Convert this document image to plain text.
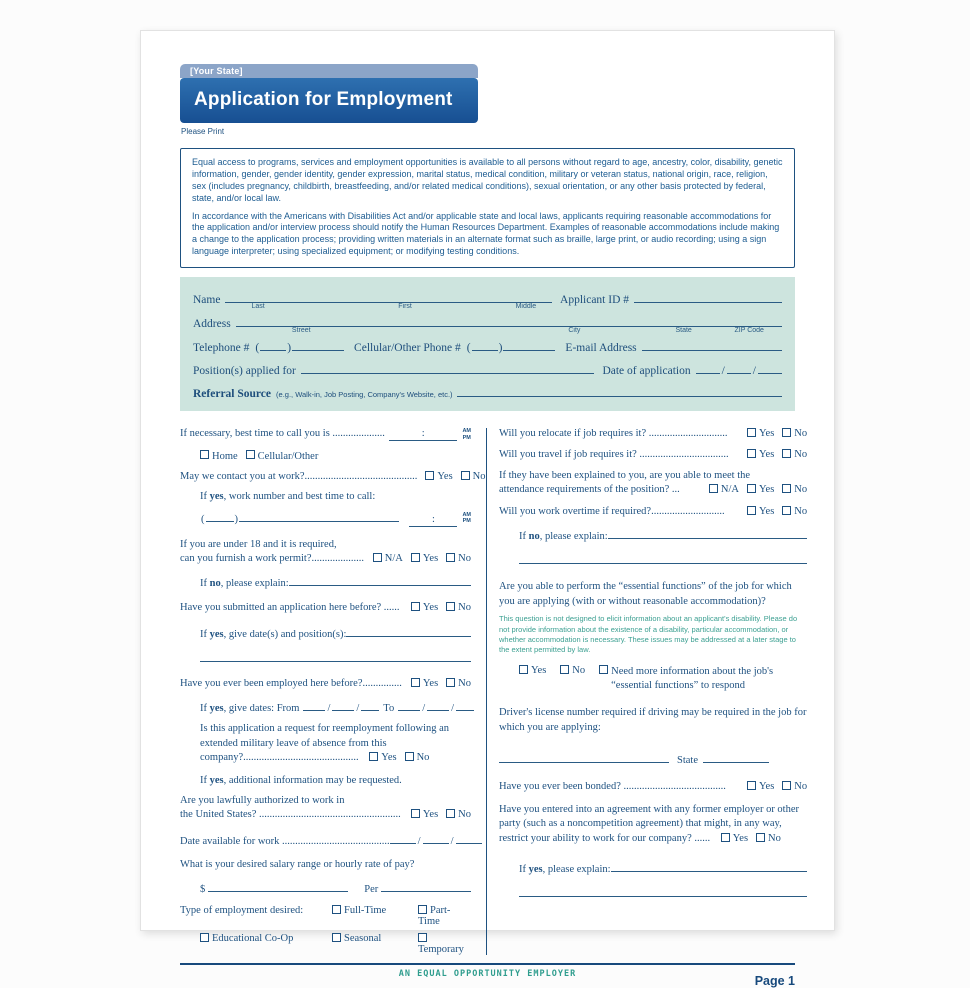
[Your State]
Application for Employment
Please Print

Equal access to programs, services and employment opportunities is available to all persons without regard to age, ancestry, color, disability, genetic information, gender, gender identity, gender expression, marital status, medical condition, military or veteran status, national origin, race, religion, sex (includes pregnancy, childbirth, breastfeeding, and/or related medical conditions), sexual orientation, or any other basis protected by federal, state, and/or local law.

In accordance with the Americans with Disabilities Act and/or applicable state and local laws, applicants requiring reasonable accommodations for the application and/or interview process should notify the Human Resources Department. Examples of reasonable accommodations include making a change to the application process; providing written materials in an alternate format such as braille, large print, or audio recording; using a sign language interpreter; using specialized equipment; or modifying testing conditions.

Name
Last	First	Middle
Applicant ID #
Address
Street	City	State	ZIP Code
Telephone # ( )	Cellular/Other Phone # ( )	E-mail Address
Position(s) applied for	Date of application	/ /
Referral Source (e.g., Walk-in, Job Posting, Company's Website, etc.)
If necessary, best time to call you is ....................	:	AM
PM
Home Cellular/Other
May we contact you at work?...........................................	Yes No
If yes, work number and best time to call:
(	)	:	AM
PM
If you are under 18 and it is required,
can you furnish a work permit?....................	N/A Yes No
If no, please explain:
Have you submitted an application here before? ......	Yes No
If yes, give date(s) and position(s):
Have you ever been employed here before?...............	Yes No
If yes, give dates: From	/ /	To	/ /
Is this application a request for reemployment following an extended military leave of absence from this company?............................................ Yes No
If yes, additional information may be requested.
Are you lawfully authorized to work in
the United States? ......................................................	Yes No
Date available for work .........................................	/	/
What is your desired salary range or hourly rate of pay?
$	Per
Type of employment desired:	Full-Time	Part-Time
Educational Co-Op	Seasonal
Temporary
Will you relocate if job requires it? ..............................	Yes No
Will you travel if job requires it? ..................................	Yes No
If they have been explained to you, are you able to meet the
attendance requirements of the position? ...	N/A Yes No
Will you work overtime if required?............................	Yes No
If no, please explain:
Are you able to perform the “essential functions” of the job for which you are applying (with or without reasonable accommodation)?
This question is not designed to elicit information about an applicant's disability. Please do not provide information about the existence of a disability, particular accommodation, or whether accommodation is necessary. These issues may be addressed at a later stage to the extent permitted by law.
Yes	No Need more information about the job's “essential functions” to respond
Driver's license number required if driving may be required in the job for which you are applying:
State
Have you ever been bonded? .......................................	Yes No
Have you entered into an agreement with any former employer or other party (such as a noncompetition agreement) that might, in any way, restrict your ability to work for our company? ...... Yes No
If yes, please explain:
AN EQUAL OPPORTUNITY EMPLOYER	Page 1
